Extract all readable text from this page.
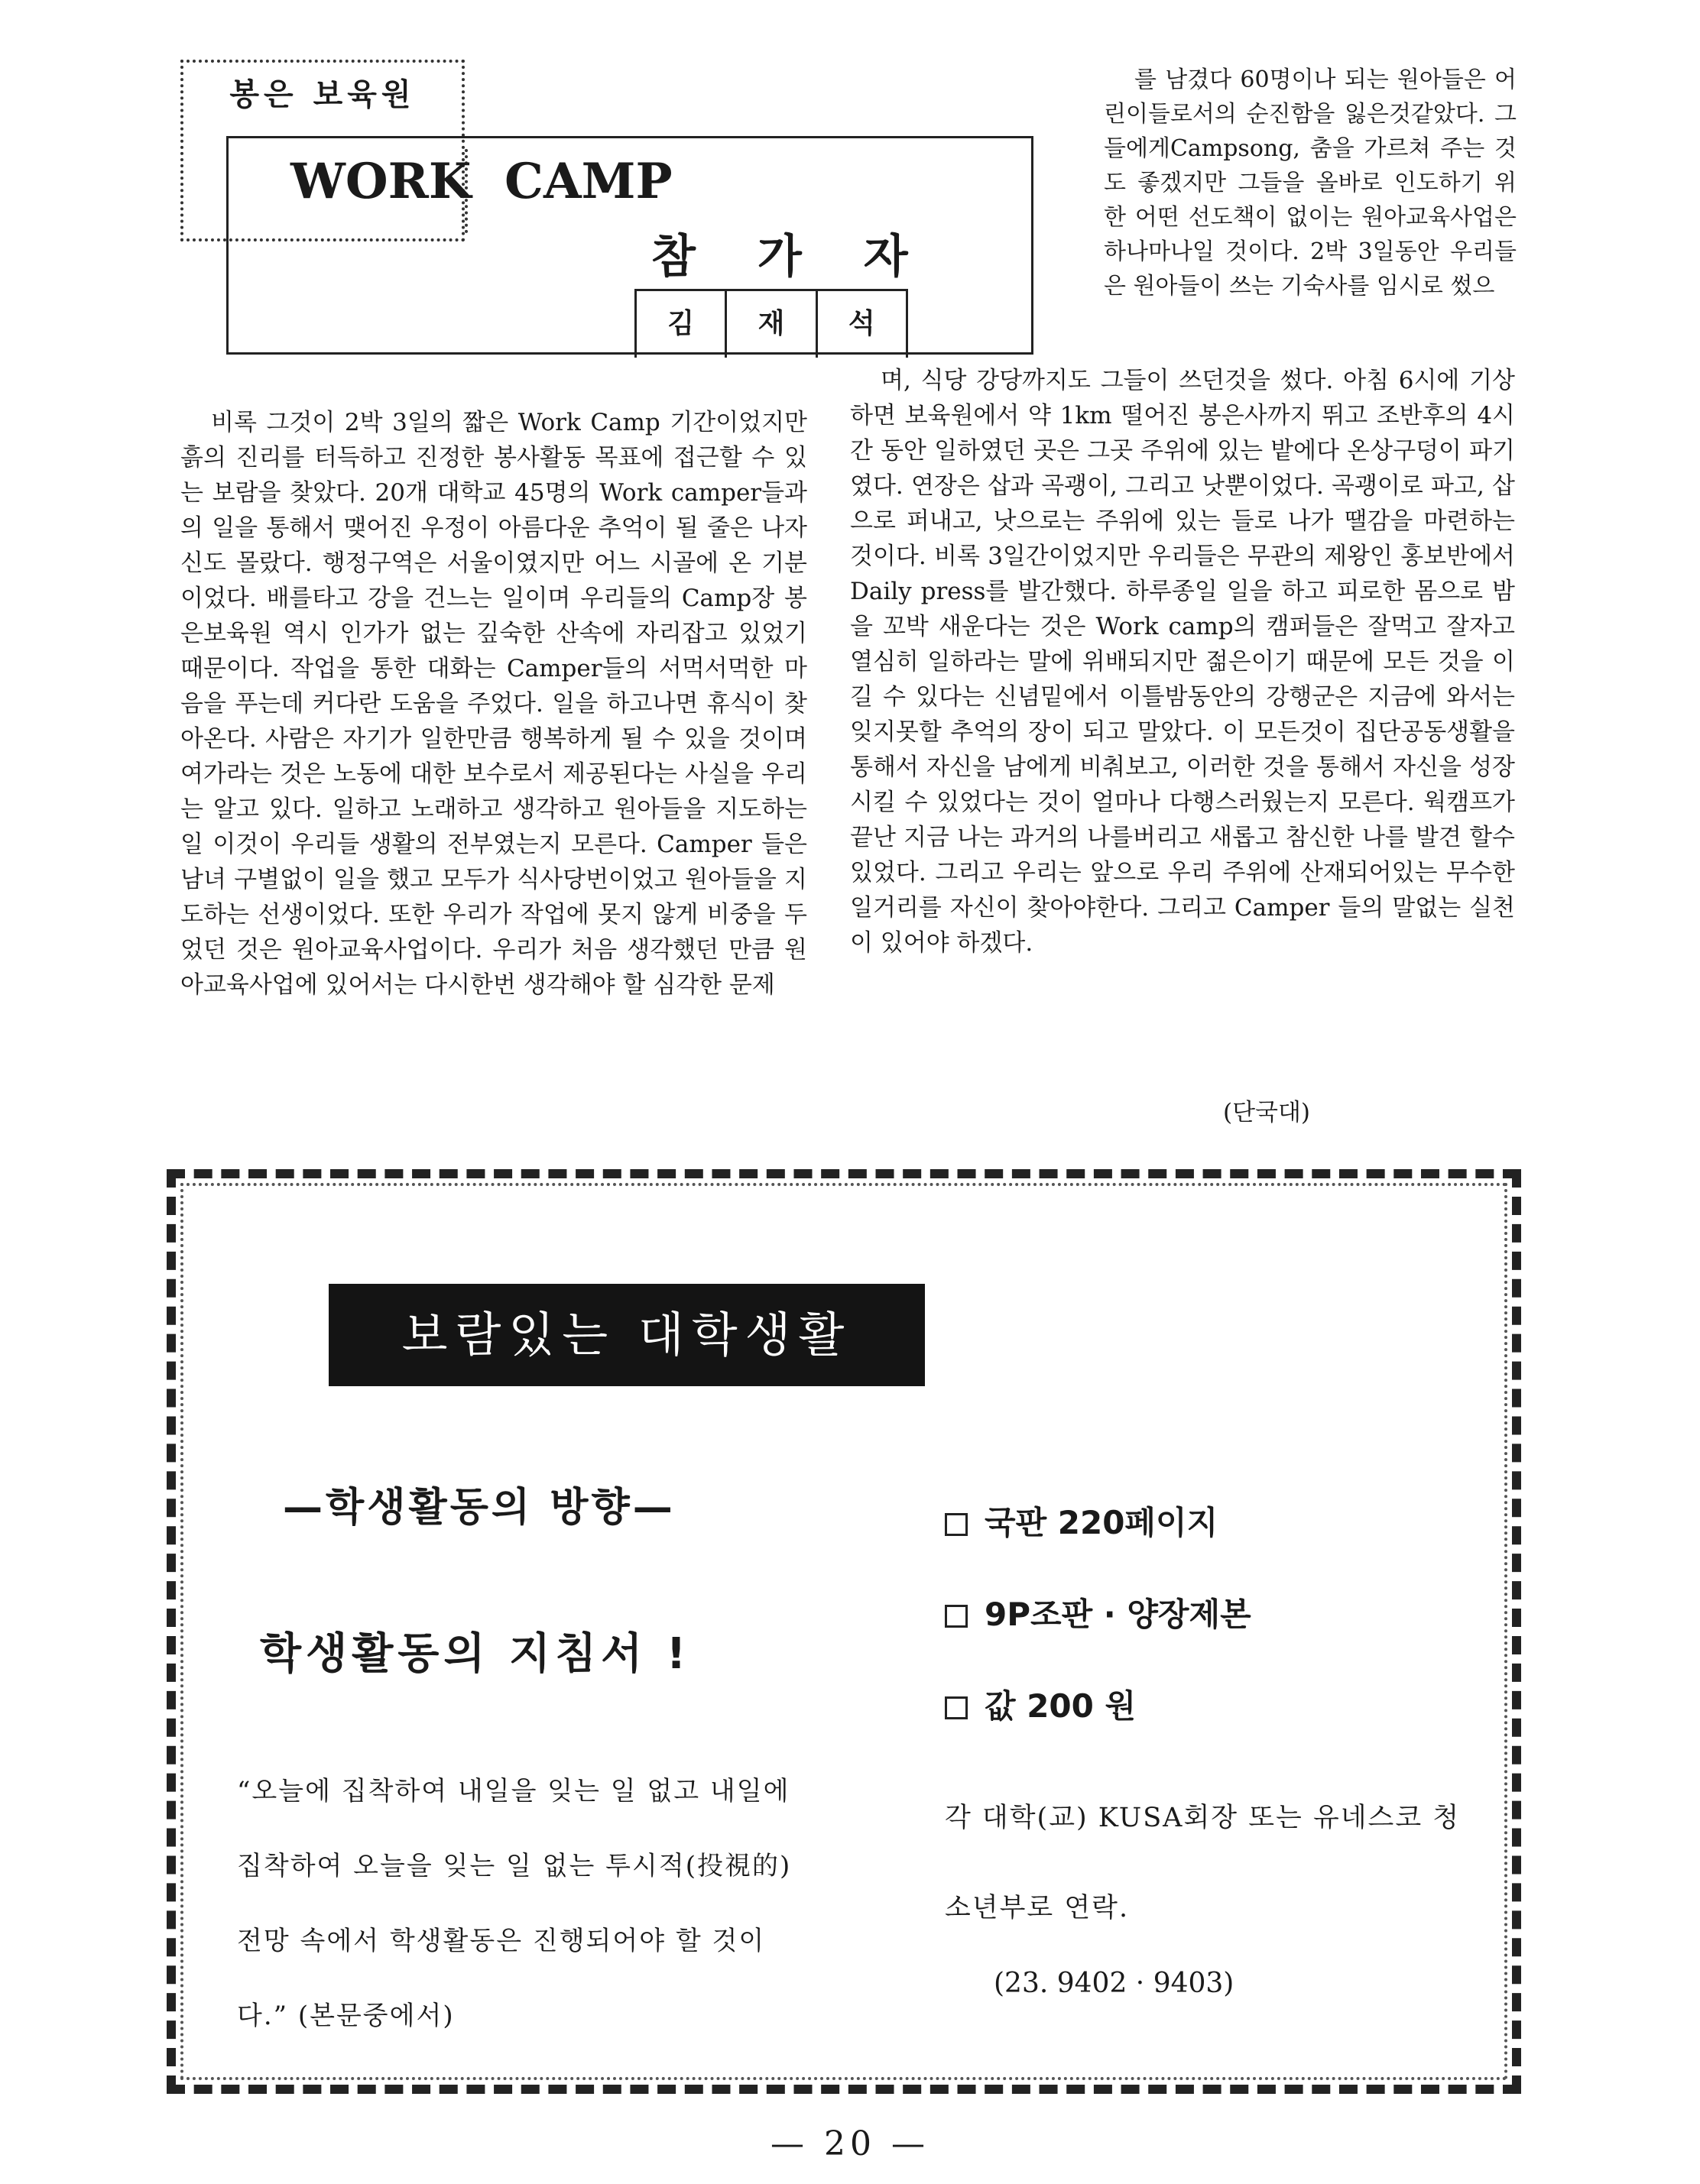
봉은 보육원
WORK CAMP
참 가 자
김	재	석
를 남겼다 60명이나 되는 원아들은 어린이들로서의 순진함을 잃은것같았다. 그들에게Campsong, 춤을 가르쳐 주는 것도 좋겠지만 그들을 올바로 인도하기 위한 어떤 선도책이 없이는 원아교육사업은 하나마나일 것이다. 2박 3일동안 우리들은 원아들이 쓰는 기숙사를 임시로 썼으
비록 그것이 2박 3일의 짧은 Work Camp 기간이었지만 흙의 진리를 터득하고 진정한 봉사활동 목표에 접근할 수 있는 보람을 찾았다. 20개 대학교 45명의 Work camper들과의 일을 통해서 맺어진 우정이 아름다운 추억이 될 줄은 나자신도 몰랐다. 행정구역은 서울이였지만 어느 시골에 온 기분이었다. 배를타고 강을 건느는 일이며 우리들의 Camp장 봉은보육원 역시 인가가 없는 깊숙한 산속에 자리잡고 있었기 때문이다. 작업을 통한 대화는 Camper들의 서먹서먹한 마음을 푸는데 커다란 도움을 주었다. 일을 하고나면 휴식이 찾아온다. 사람은 자기가 일한만큼 행복하게 될 수 있을 것이며 여가라는 것은 노동에 대한 보수로서 제공된다는 사실을 우리는 알고 있다. 일하고 노래하고 생각하고 원아들을 지도하는 일 이것이 우리들 생활의 전부였는지 모른다. Camper 들은 남녀 구별없이 일을 했고 모두가 식사당번이었고 원아들을 지도하는 선생이었다. 또한 우리가 작업에 못지 않게 비중을 두었던 것은 원아교육사업이다. 우리가 처음 생각했던 만큼 원아교육사업에 있어서는 다시한번 생각해야 할 심각한 문제
며, 식당 강당까지도 그들이 쓰던것을 썼다. 아침 6시에 기상하면 보육원에서 약 1km 떨어진 봉은사까지 뛰고 조반후의 4시간 동안 일하였던 곳은 그곳 주위에 있는 밭에다 온상구덩이 파기였다. 연장은 삽과 곡괭이, 그리고 낫뿐이었다. 곡괭이로 파고, 삽으로 퍼내고, 낫으로는 주위에 있는 들로 나가 땔감을 마련하는 것이다. 비록 3일간이었지만 우리들은 무관의 제왕인 홍보반에서 Daily press를 발간했다. 하루종일 일을 하고 피로한 몸으로 밤을 꼬박 새운다는 것은 Work camp의 캠퍼들은 잘먹고 잘자고 열심히 일하라는 말에 위배되지만 젊은이기 때문에 모든 것을 이길 수 있다는 신념밑에서 이틀밤동안의 강행군은 지금에 와서는 잊지못할 추억의 장이 되고 말았다. 이 모든것이 집단공동생활을 통해서 자신을 남에게 비춰보고, 이러한 것을 통해서 자신을 성장시킬 수 있었다는 것이 얼마나 다행스러웠는지 모른다. 웍캠프가 끝난 지금 나는 과거의 나를버리고 새롭고 참신한 나를 발견 할수 있었다. 그리고 우리는 앞으로 우리 주위에 산재되어있는 무수한 일거리를 자신이 찾아야한다. 그리고 Camper 들의 말없는 실천이 있어야 하겠다.
(단국대)
보람있는 대학생활
—학생활동의 방향—
학생활동의 지침서 !
“오늘에 집착하여 내일을 잊는 일 없고 내일에 집착하여 오늘을 잊는 일 없는 투시적(投視的)전망 속에서 학생활동은 진행되어야 할 것이다.” (본문중에서)
국판 220페이지
9P조판 · 양장제본
값 200 원
각 대학(교) KUSA회장 또는 유네스코 청소년부로 연락.
(23. 9402 · 9403)
— 20 —
